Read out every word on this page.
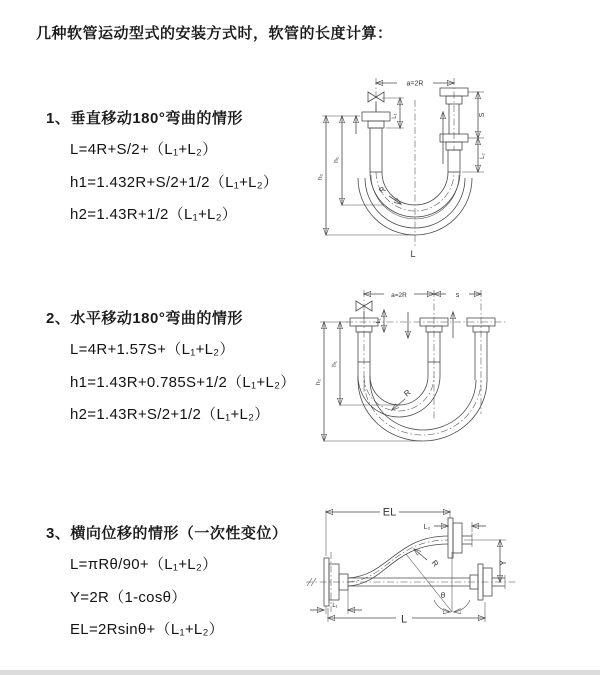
几种软管运动型式的安装方式时，软管的长度计算：
1、垂直移动180°弯曲的情形
L=4R+S/2+（L₁+L₂）
h1=1.432R+S/2+1/2（L₁+L₂）
h2=1.43R+1/2（L₁+L₂）
2、水平移动180°弯曲的情形
L=4R+1.57S+（L₁+L₂）
h1=1.43R+0.785S+1/2（L₁+L₂）
h2=1.43R+S/2+1/2（L₁+L₂）
3、横向位移的情形（一次性变位）
L=πRθ/90+（L₁+L₂）
Y=2R（1-cosθ）
EL=2Rsinθ+（L₁+L₂）
a=2R
L₁	S
L₂
h₁
h₂
R
L
a=2R	s
L₁
h₁
h₂
R
EL
L₂
Y
θ
R
L₁
L
